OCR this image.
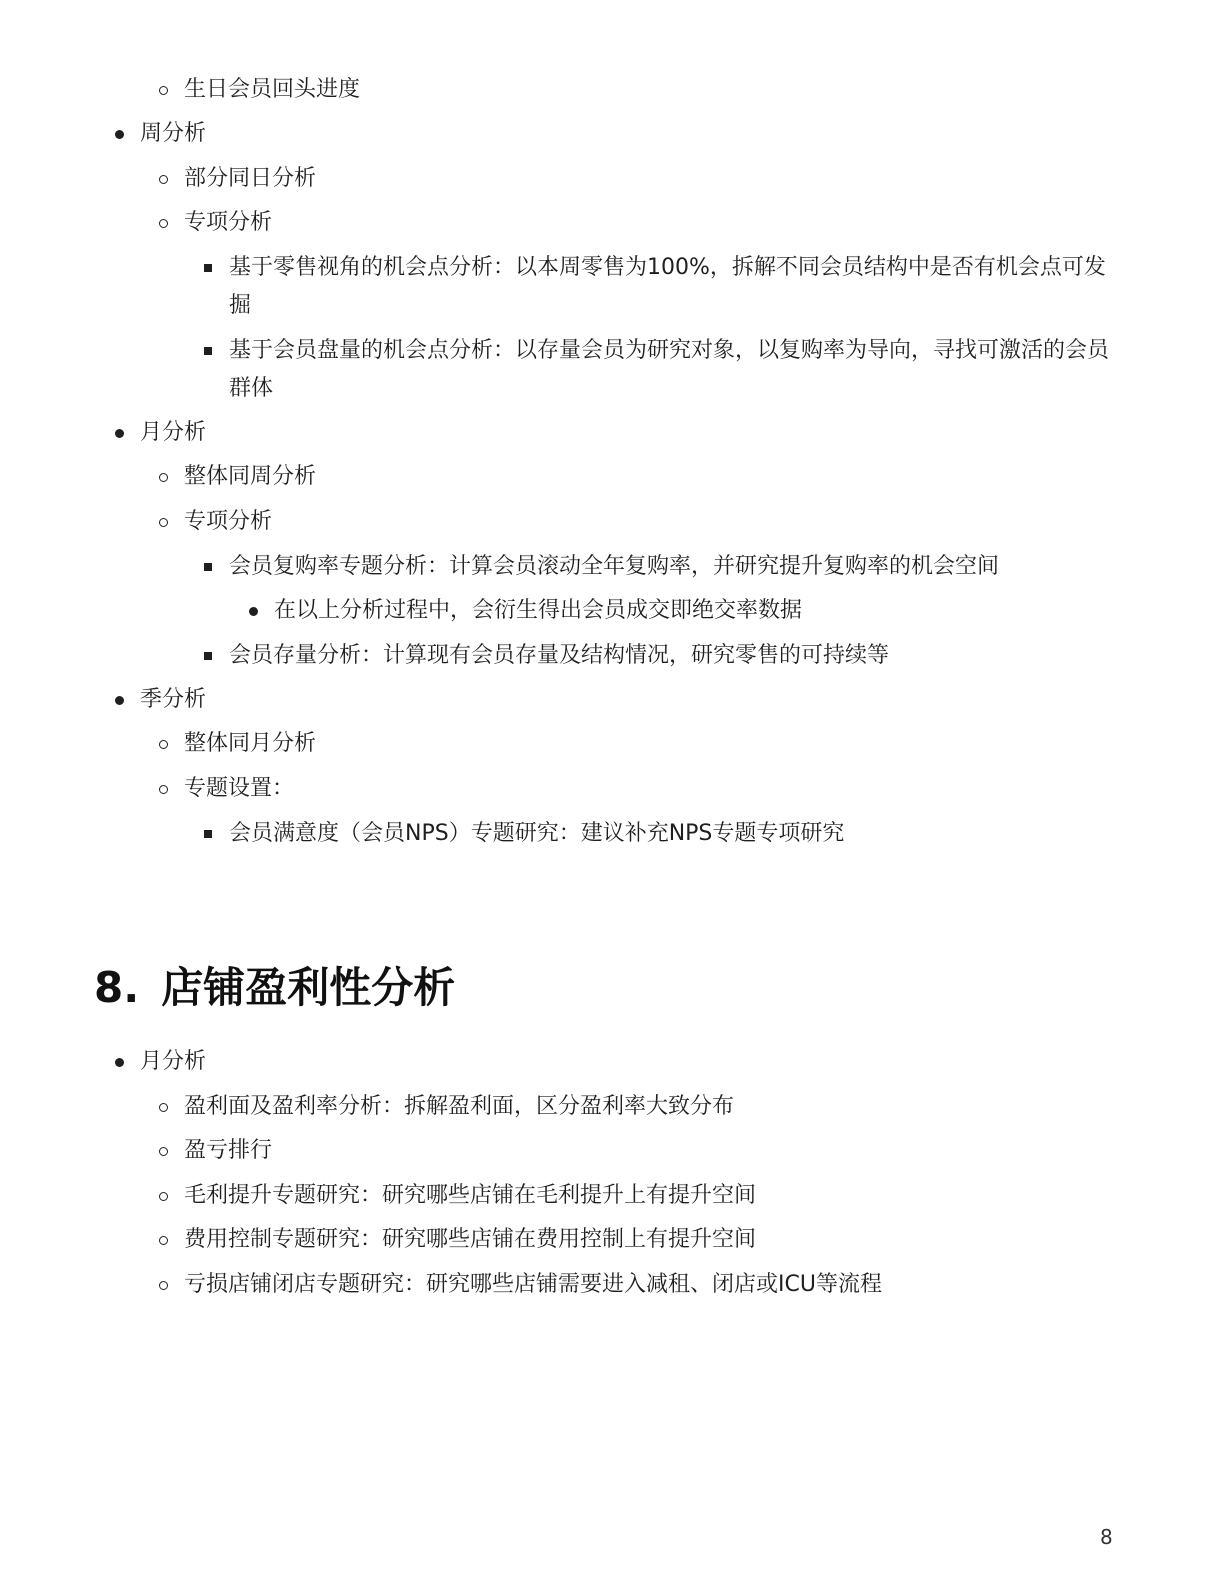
生日会员回头进度
周分析
部分同日分析
专项分析
基于零售视角的机会点分析：以本周零售为100%，拆解不同会员结构中是否有机会点可发掘
基于会员盘量的机会点分析：以存量会员为研究对象，以复购率为导向，寻找可激活的会员群体
月分析
整体同周分析
专项分析
会员复购率专题分析：计算会员滚动全年复购率，并研究提升复购率的机会空间
在以上分析过程中，会衍生得出会员成交即绝交率数据
会员存量分析：计算现有会员存量及结构情况，研究零售的可持续等
季分析
整体同月分析
专题设置：
会员满意度（会员NPS）专题研究：建议补充NPS专题专项研究
8. 店铺盈利性分析
月分析
盈利面及盈利率分析：拆解盈利面，区分盈利率大致分布
盈亏排行
毛利提升专题研究：研究哪些店铺在毛利提升上有提升空间
费用控制专题研究：研究哪些店铺在费用控制上有提升空间
亏损店铺闭店专题研究：研究哪些店铺需要进入减租、闭店或ICU等流程
8
